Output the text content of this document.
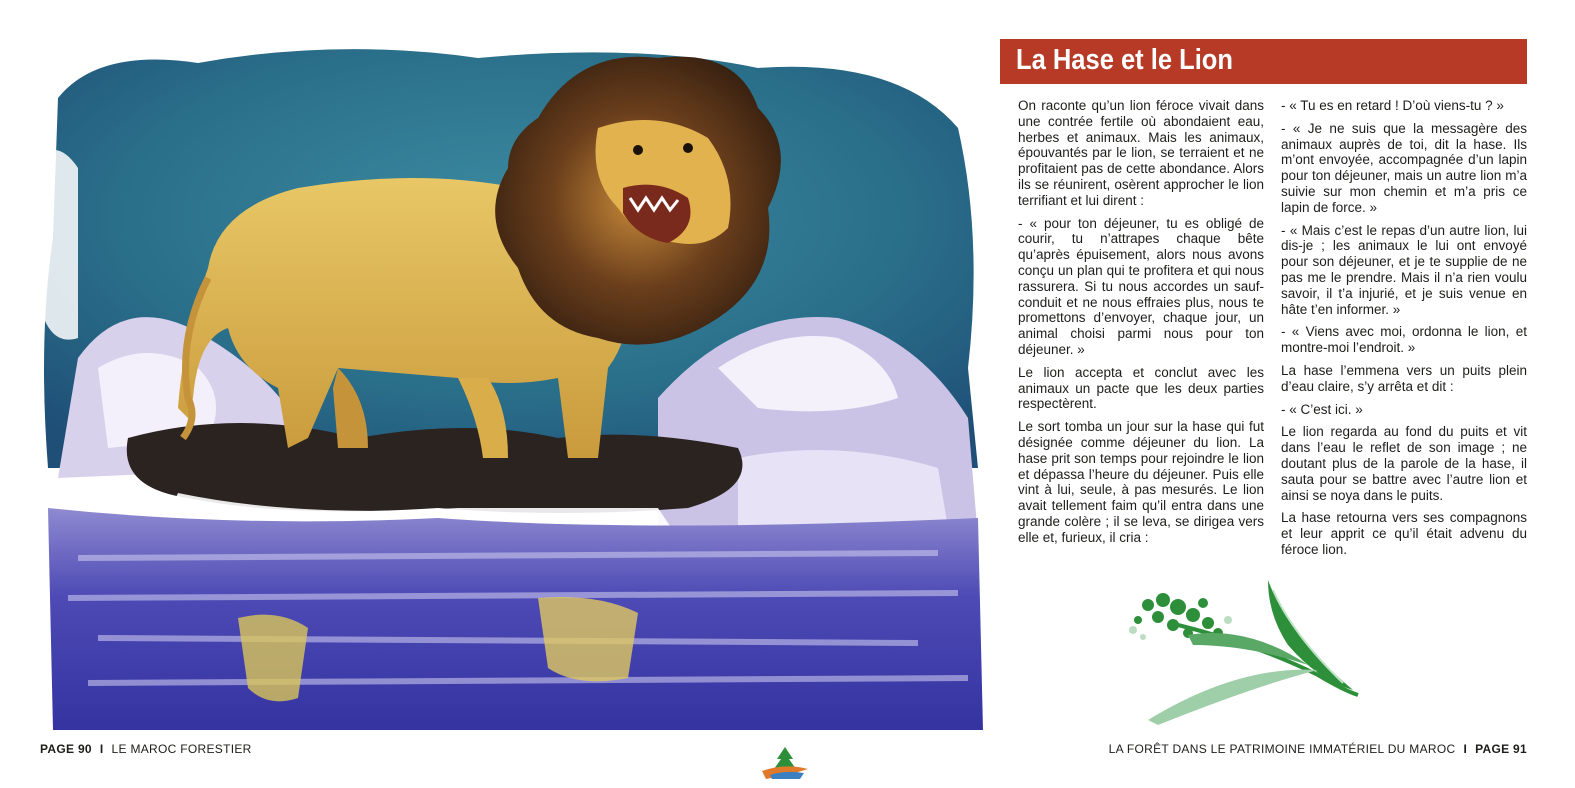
La Hase et le Lion

On raconte qu’un lion féroce vivait dans une contrée fertile où abondaient eau, herbes et animaux. Mais les animaux, épouvantés par le lion, se terraient et ne profitaient pas de cette abondance. Alors ils se réunirent, osèrent approcher le lion terrifiant et lui dirent :

- « pour ton déjeuner, tu es obligé de courir, tu n’attrapes chaque bête qu’après épuisement, alors nous avons conçu un plan qui te profitera et qui nous rassurera. Si tu nous accordes un sauf-conduit et ne nous effraies plus, nous te promettons d’envoyer, chaque jour, un animal choisi parmi nous pour ton déjeuner. »

Le lion accepta et conclut avec les animaux un pacte que les deux parties respectèrent.

Le sort tomba un jour sur la hase qui fut désignée comme déjeuner du lion. La hase prit son temps pour rejoindre le lion et dépassa l’heure du déjeuner. Puis elle vint à lui, seule, à pas mesurés. Le lion avait tellement faim qu’il entra dans une grande colère ; il se leva, se dirigea vers elle et, furieux, il cria :

- « Tu es en retard ! D’où viens-tu ? »

- « Je ne suis que la messagère des animaux auprès de toi, dit la hase. Ils m’ont envoyée, accompagnée d’un lapin pour ton déjeuner, mais un autre lion m’a suivie sur mon chemin et m’a pris ce lapin de force. »

- « Mais c’est le repas d’un autre lion, lui dis-je ; les animaux le lui ont envoyé pour son déjeuner, et je te supplie de ne pas me le prendre. Mais il n’a rien voulu savoir, il t’a injurié, et je suis venue en hâte t’en informer. »

- « Viens avec moi, ordonna le lion, et montre-moi l’endroit. »

La hase l’emmena vers un puits plein d’eau claire, s’y arrêta et dit :

- « C’est ici. »

Le lion regarda au fond du puits et vit dans l’eau le reflet de son image ; ne doutant plus de la parole de la hase, il sauta pour se battre avec l’autre lion et ainsi se noya dans le puits.

La hase retourna vers ses compagnons et leur apprit ce qu’il était advenu du féroce lion.

PAGE 90 I LE MAROC FORESTIER	LA FORÊT DANS LE PATRIMOINE IMMATÉRIEL DU MAROC I PAGE 91
